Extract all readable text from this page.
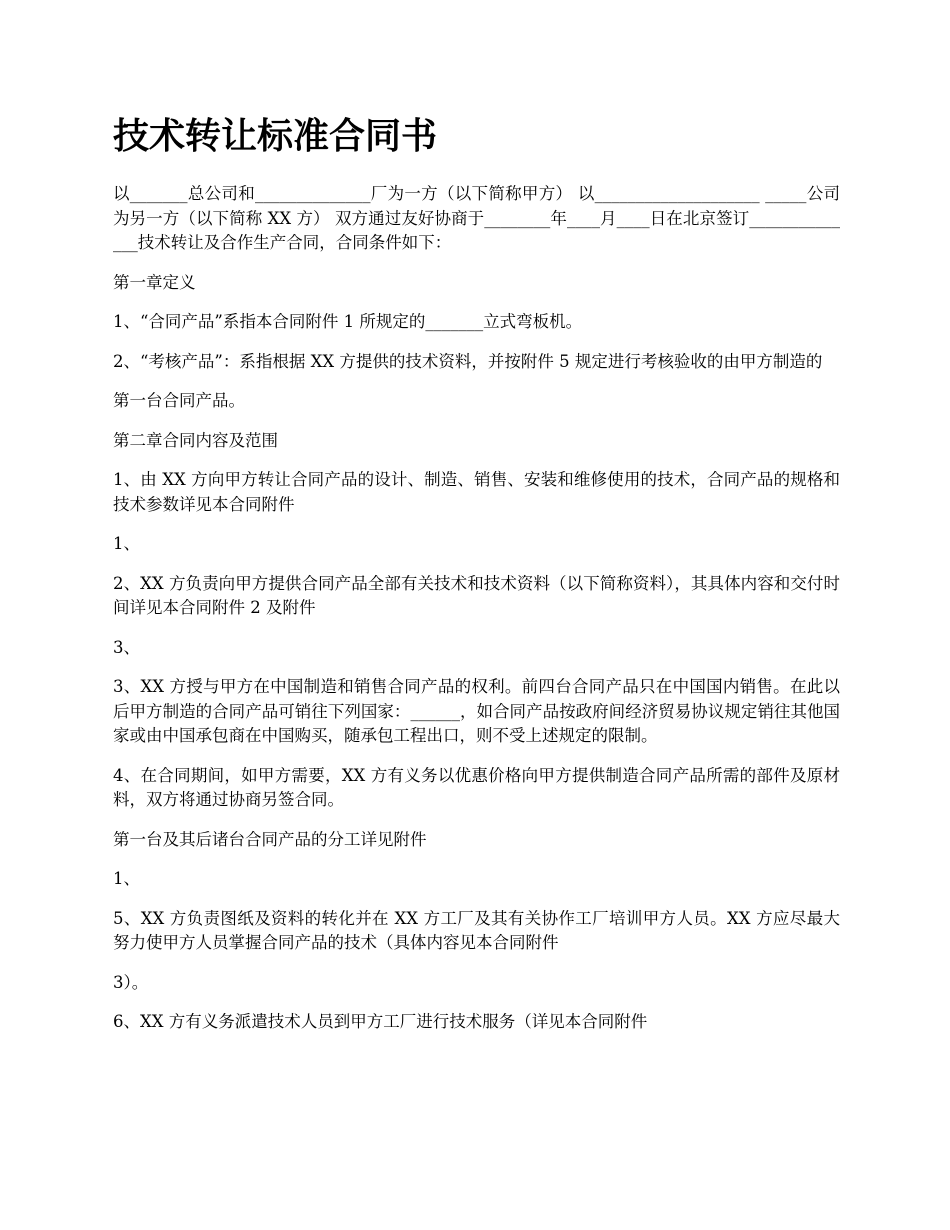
技术转让标准合同书

以_______总公司和______________厂为一方（以下简称甲方） 以____________________ _____公司为另一方（以下简称 XX 方） 双方通过友好协商于________年____月____日在北京签订______________技术转让及合作生产合同，合同条件如下：

第一章定义

1、“合同产品”系指本合同附件 1 所规定的_______立式弯板机。

2、“考核产品”：系指根据 XX 方提供的技术资料，并按附件 5 规定进行考核验收的由甲方制造的

第一台合同产品。

第二章合同内容及范围

1、由 XX 方向甲方转让合同产品的设计、制造、销售、安装和维修使用的技术，合同产品的规格和技术参数详见本合同附件

1、

2、XX 方负责向甲方提供合同产品全部有关技术和技术资料（以下简称资料），其具体内容和交付时间详见本合同附件 2 及附件

3、

3、XX 方授与甲方在中国制造和销售合同产品的权利。前四台合同产品只在中国国内销售。在此以后甲方制造的合同产品可销往下列国家：______，如合同产品按政府间经济贸易协议规定销往其他国家或由中国承包商在中国购买，随承包工程出口，则不受上述规定的限制。

4、在合同期间，如甲方需要，XX 方有义务以优惠价格向甲方提供制造合同产品所需的部件及原材料，双方将通过协商另签合同。

第一台及其后诸台合同产品的分工详见附件

1、

5、XX 方负责图纸及资料的转化并在 XX 方工厂及其有关协作工厂培训甲方人员。XX 方应尽最大努力使甲方人员掌握合同产品的技术（具体内容见本合同附件

3）。

6、XX 方有义务派遣技术人员到甲方工厂进行技术服务（详见本合同附件
